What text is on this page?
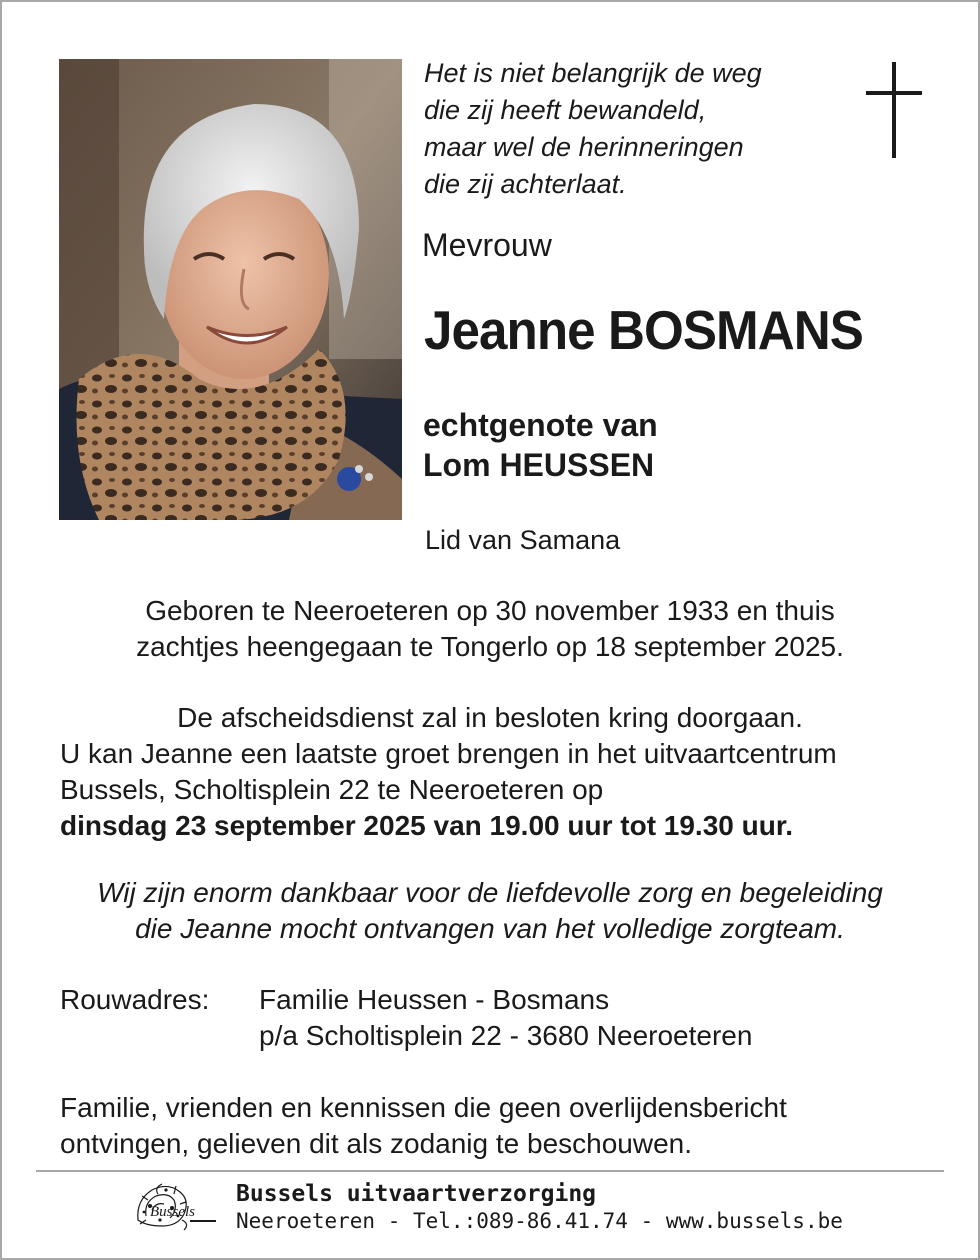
Het is niet belangrijk de weg
die zij heeft bewandeld,
maar wel de herinneringen
die zij achterlaat.
Mevrouw
Jeanne BOSMANS
echtgenote van
Lom HEUSSEN
Lid van Samana
Geboren te Neeroeteren op 30 november 1933 en thuis
zachtjes heengegaan te Tongerlo op 18 september 2025.
De afscheidsdienst zal in besloten kring doorgaan.
U kan Jeanne een laatste groet brengen in het uitvaartcentrum
Bussels, Scholtisplein 22 te Neeroeteren op
dinsdag 23 september 2025 van 19.00 uur tot 19.30 uur.
Wij zijn enorm dankbaar voor de liefdevolle zorg en begeleiding
die Jeanne mocht ontvangen van het volledige zorgteam.
Rouwadres: Familie Heussen - Bosmans
p/a Scholtisplein 22 - 3680 Neeroeteren
Familie, vrienden en kennissen die geen overlijdensbericht
ontvingen, gelieven dit als zodanig te beschouwen.
Bussels
Bussels uitvaartverzorging
Neeroeteren - Tel.:089-86.41.74 - www.bussels.be
